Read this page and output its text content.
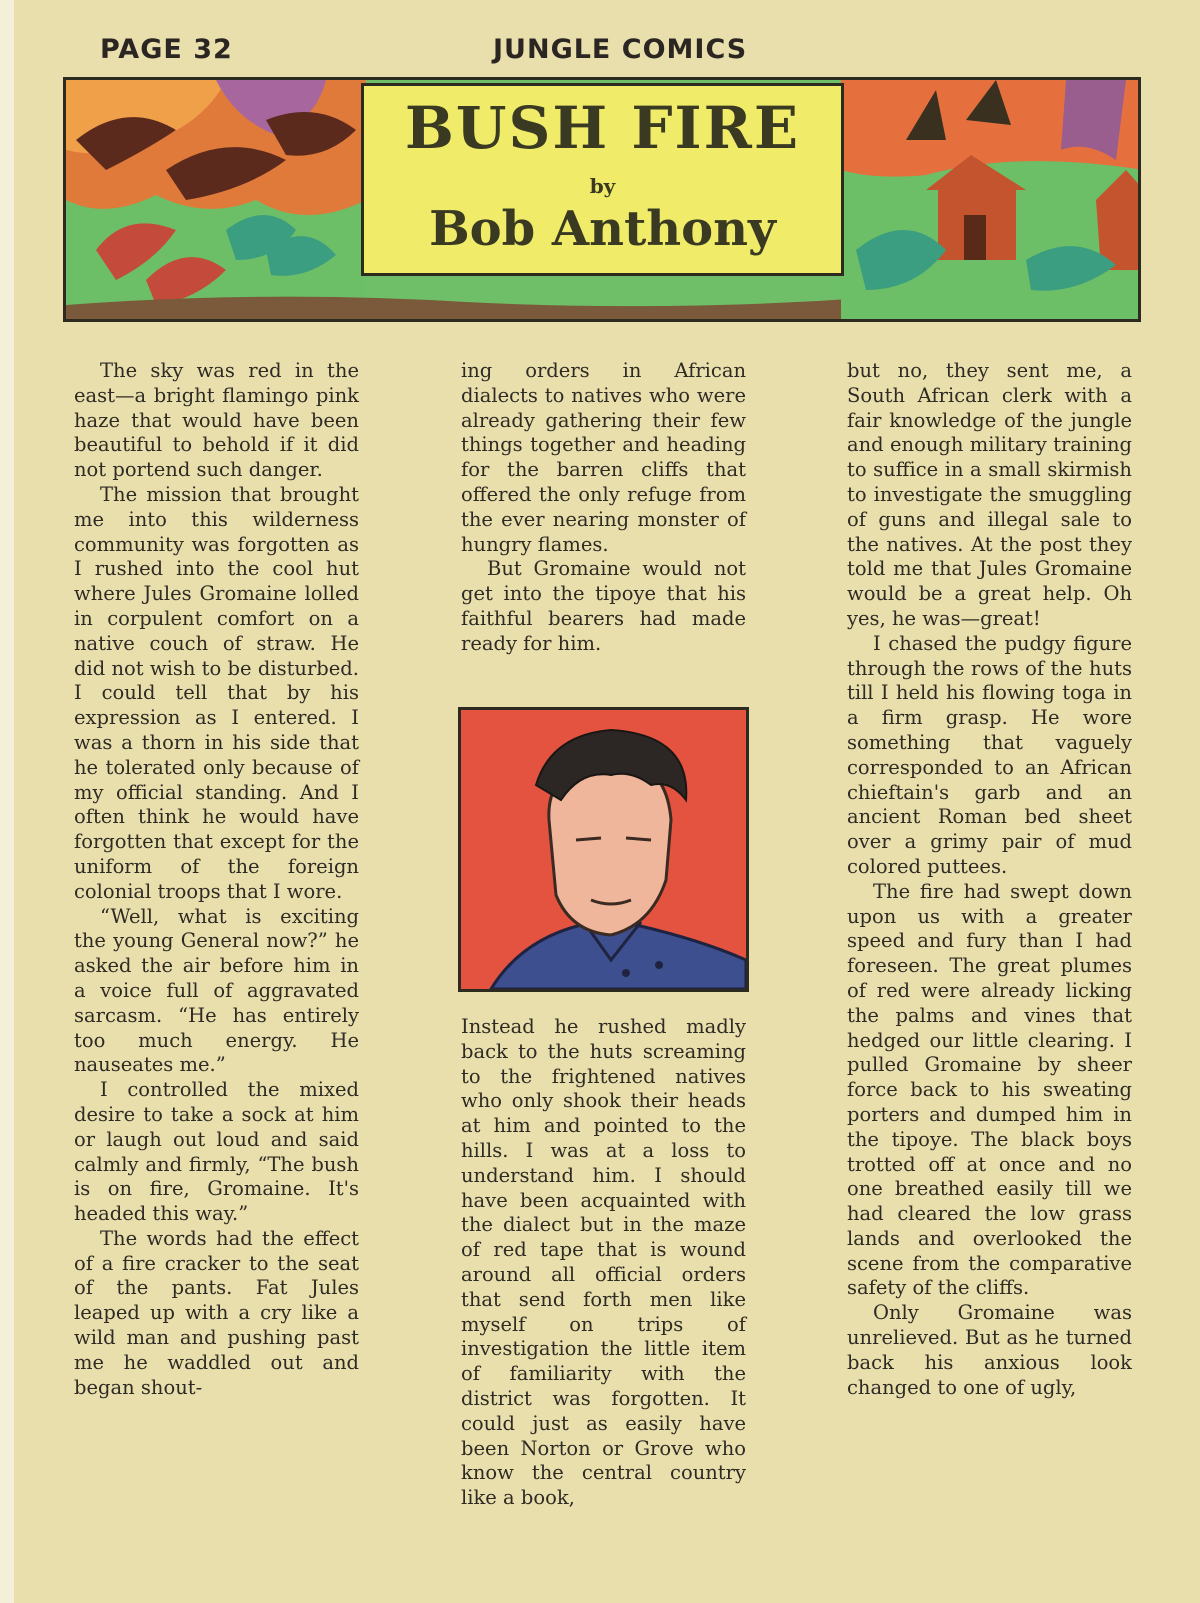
PAGE 32	JUNGLE COMICS
BUSH FIRE
by
Bob Anthony

The sky was red in the east—a bright flamingo pink haze that would have been beautiful to behold if it did not portend such danger.

The mission that brought me into this wilderness community was forgotten as I rushed into the cool hut where Jules Gromaine lolled in corpulent comfort on a native couch of straw. He did not wish to be disturbed. I could tell that by his expression as I entered. I was a thorn in his side that he tolerated only because of my official standing. And I often think he would have forgotten that except for the uniform of the foreign colonial troops that I wore.

“Well, what is exciting the young General now?” he asked the air before him in a voice full of aggravated sarcasm. “He has entirely too much energy. He nauseates me.”

I controlled the mixed desire to take a sock at him or laugh out loud and said calmly and firmly, “The bush is on fire, Gromaine. It's headed this way.”

The words had the effect of a fire cracker to the seat of the pants. Fat Jules leaped up with a cry like a wild man and pushing past me he waddled out and began shout-

ing orders in African dialects to natives who were already gathering their few things together and heading for the barren cliffs that offered the only refuge from the ever nearing monster of hungry flames.

But Gromaine would not get into the tipoye that his faithful bearers had made ready for him.

Instead he rushed madly back to the huts screaming to the frightened natives who only shook their heads at him and pointed to the hills. I was at a loss to understand him. I should have been acquainted with the dialect but in the maze of red tape that is wound around all official orders that send forth men like myself on trips of investigation the little item of familiarity with the district was forgotten. It could just as easily have been Norton or Grove who know the central country like a book,

but no, they sent me, a South African clerk with a fair knowledge of the jungle and enough military training to suffice in a small skirmish to investigate the smuggling of guns and illegal sale to the natives. At the post they told me that Jules Gromaine would be a great help. Oh yes, he was—great!

I chased the pudgy figure through the rows of the huts till I held his flowing toga in a firm grasp. He wore something that vaguely corresponded to an African chieftain's garb and an ancient Roman bed sheet over a grimy pair of mud colored puttees.

The fire had swept down upon us with a greater speed and fury than I had foreseen. The great plumes of red were already licking the palms and vines that hedged our little clearing. I pulled Gromaine by sheer force back to his sweating porters and dumped him in the tipoye. The black boys trotted off at once and no one breathed easily till we had cleared the low grass lands and overlooked the scene from the comparative safety of the cliffs.

Only Gromaine was unrelieved. But as he turned back his anxious look changed to one of ugly,
